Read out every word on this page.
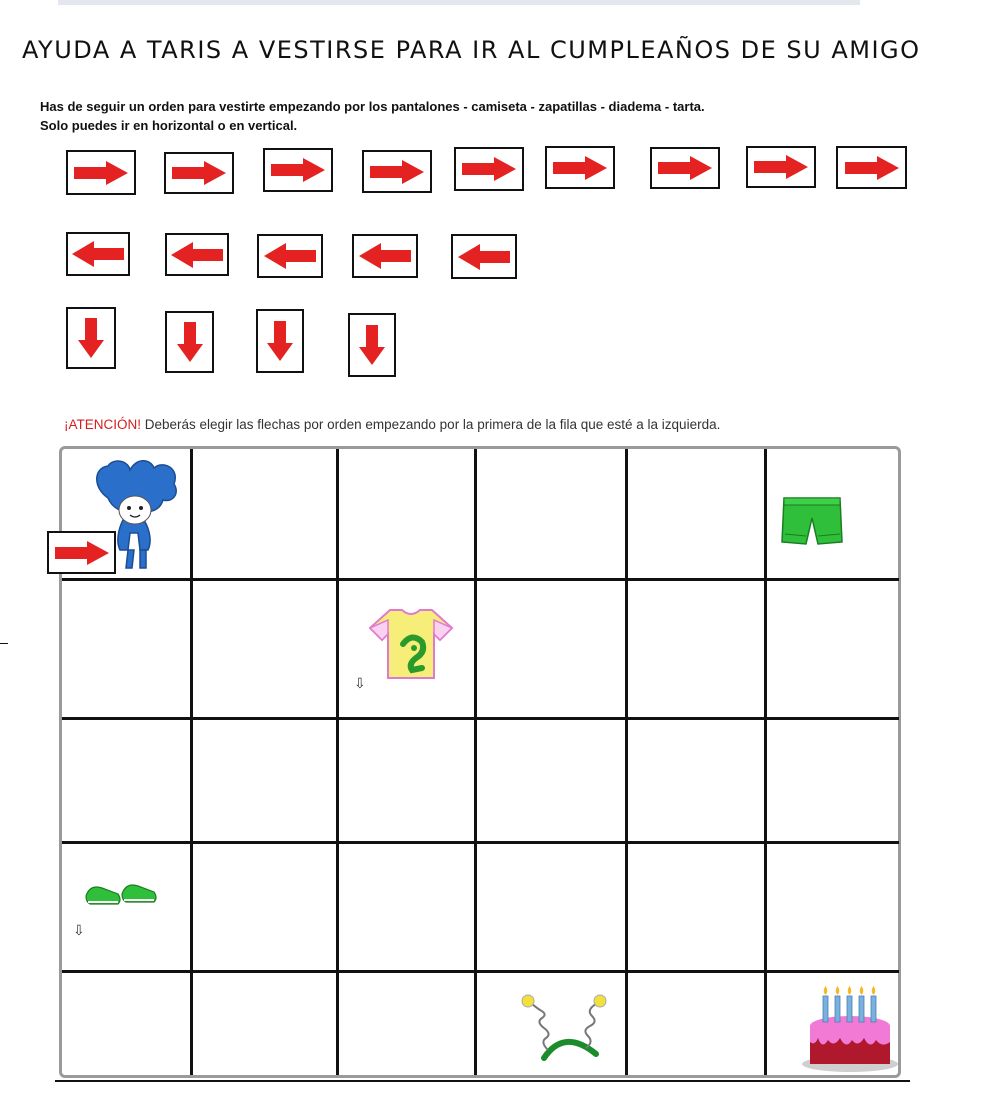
AYUDA A TARIS A VESTIRSE PARA IR AL CUMPLEAÑOS DE SU AMIGO
Has de seguir un orden para vestirte empezando por los pantalones - camiseta - zapatillas - diadema - tarta.
Solo puedes ir en horizontal o en vertical.
¡ATENCIÓN! Deberás elegir las flechas por orden empezando por la primera de la fila que esté a la izquierda.
⇩
⇩
